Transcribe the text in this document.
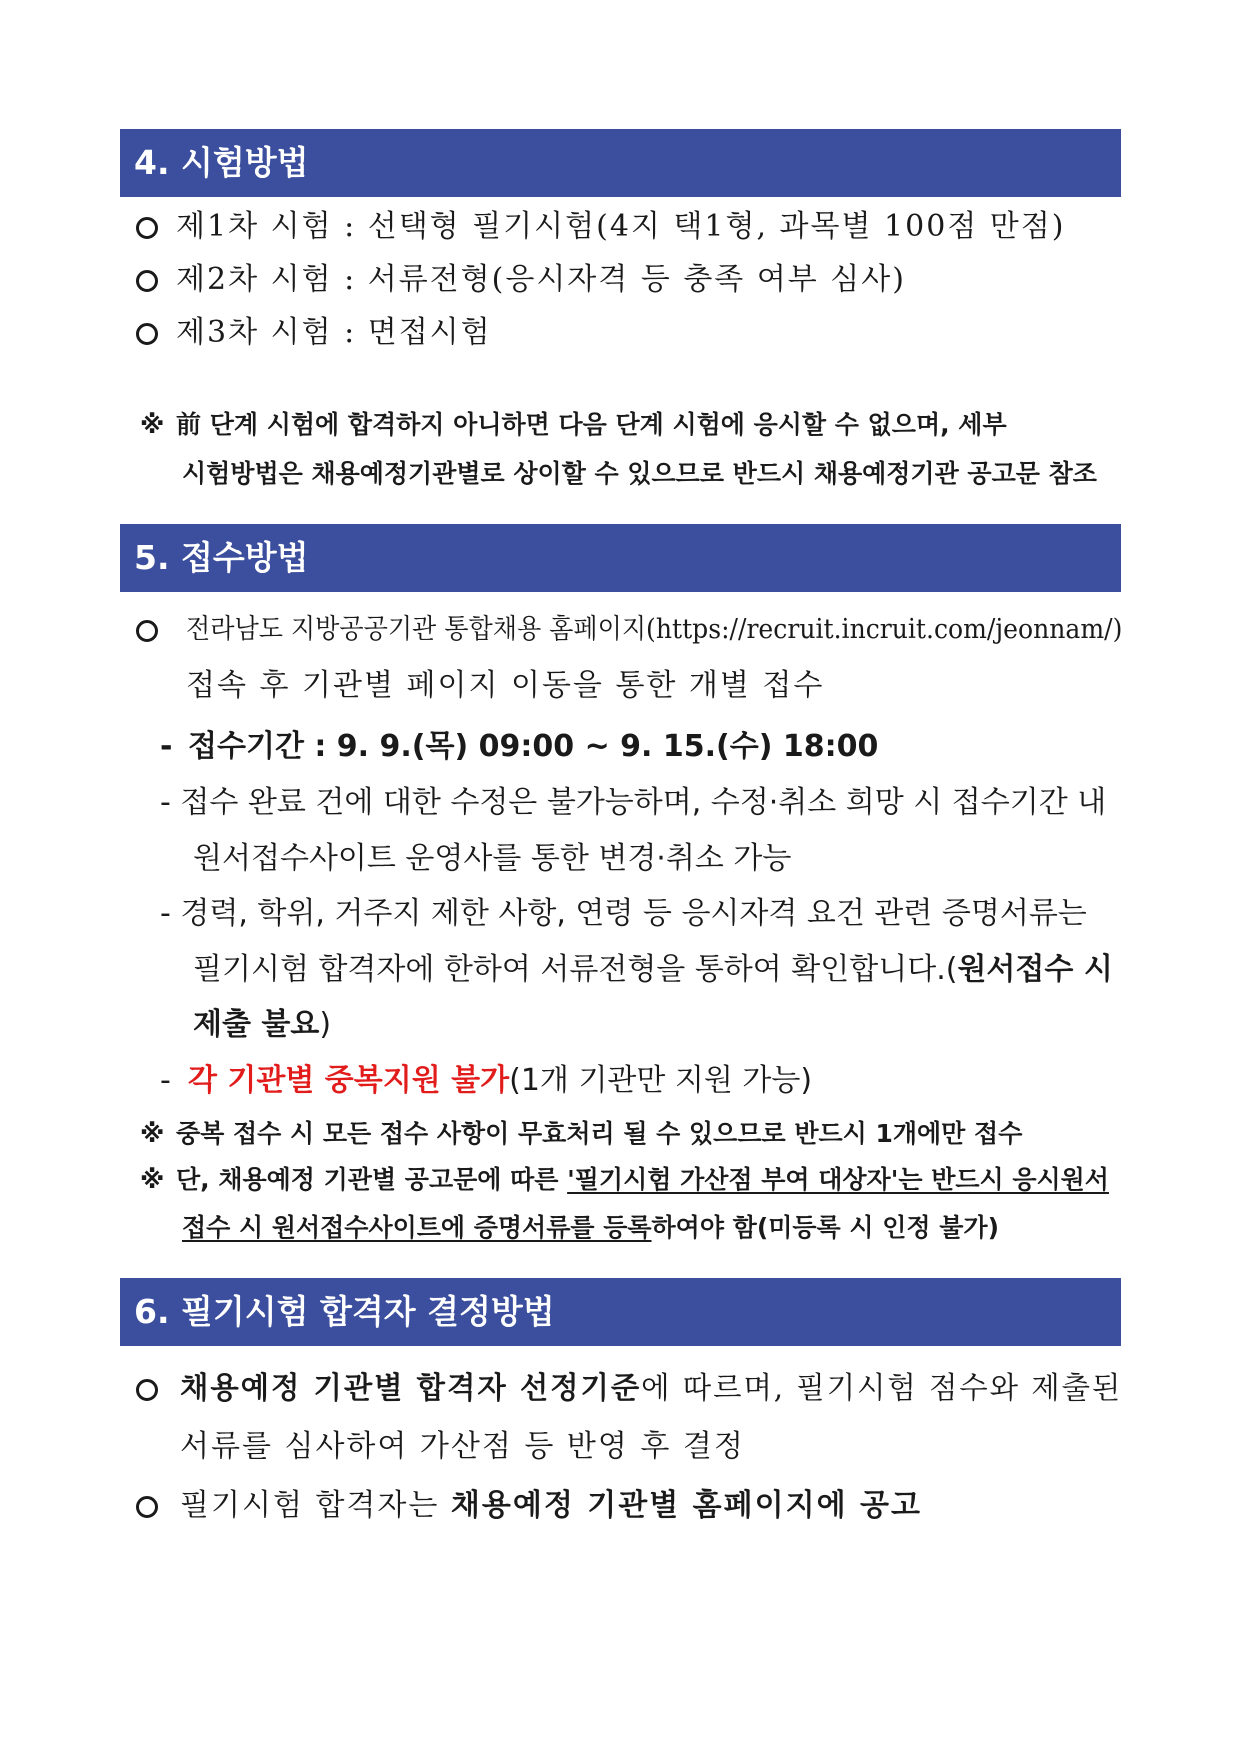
4. 시험방법
제1차 시험 : 선택형 필기시험(4지 택1형, 과목별 100점 만점)
제2차 시험 : 서류전형(응시자격 등 충족 여부 심사)
제3차 시험 : 면접시험
※ 前 단계 시험에 합격하지 아니하면 다음 단계 시험에 응시할 수 없으며, 세부
시험방법은 채용예정기관별로 상이할 수 있으므로 반드시 채용예정기관 공고문 참조
5. 접수방법
전라남도 지방공공기관 통합채용 홈페이지(https://recruit.incruit.com/jeonnam/)
접속 후 기관별 페이지 이동을 통한 개별 접수
- 접수기간 : 9. 9.(목) 09:00 ~ 9. 15.(수) 18:00
- 접수 완료 건에 대한 수정은 불가능하며, 수정·취소 희망 시 접수기간 내
원서접수사이트 운영사를 통한 변경·취소 가능
- 경력, 학위, 거주지 제한 사항, 연령 등 응시자격 요건 관련 증명서류는
필기시험 합격자에 한하여 서류전형을 통하여 확인합니다.(원서접수 시
제출 불요)
- 각 기관별 중복지원 불가(1개 기관만 지원 가능)
※ 중복 접수 시 모든 접수 사항이 무효처리 될 수 있으므로 반드시 1개에만 접수
※ 단, 채용예정 기관별 공고문에 따른 '필기시험 가산점 부여 대상자'는 반드시 응시원서
접수 시 원서접수사이트에 증명서류를 등록하여야 함(미등록 시 인정 불가)
6. 필기시험 합격자 결정방법
채용예정 기관별 합격자 선정기준에 따르며, 필기시험 점수와 제출된
서류를 심사하여 가산점 등 반영 후 결정
필기시험 합격자는 채용예정 기관별 홈페이지에 공고
